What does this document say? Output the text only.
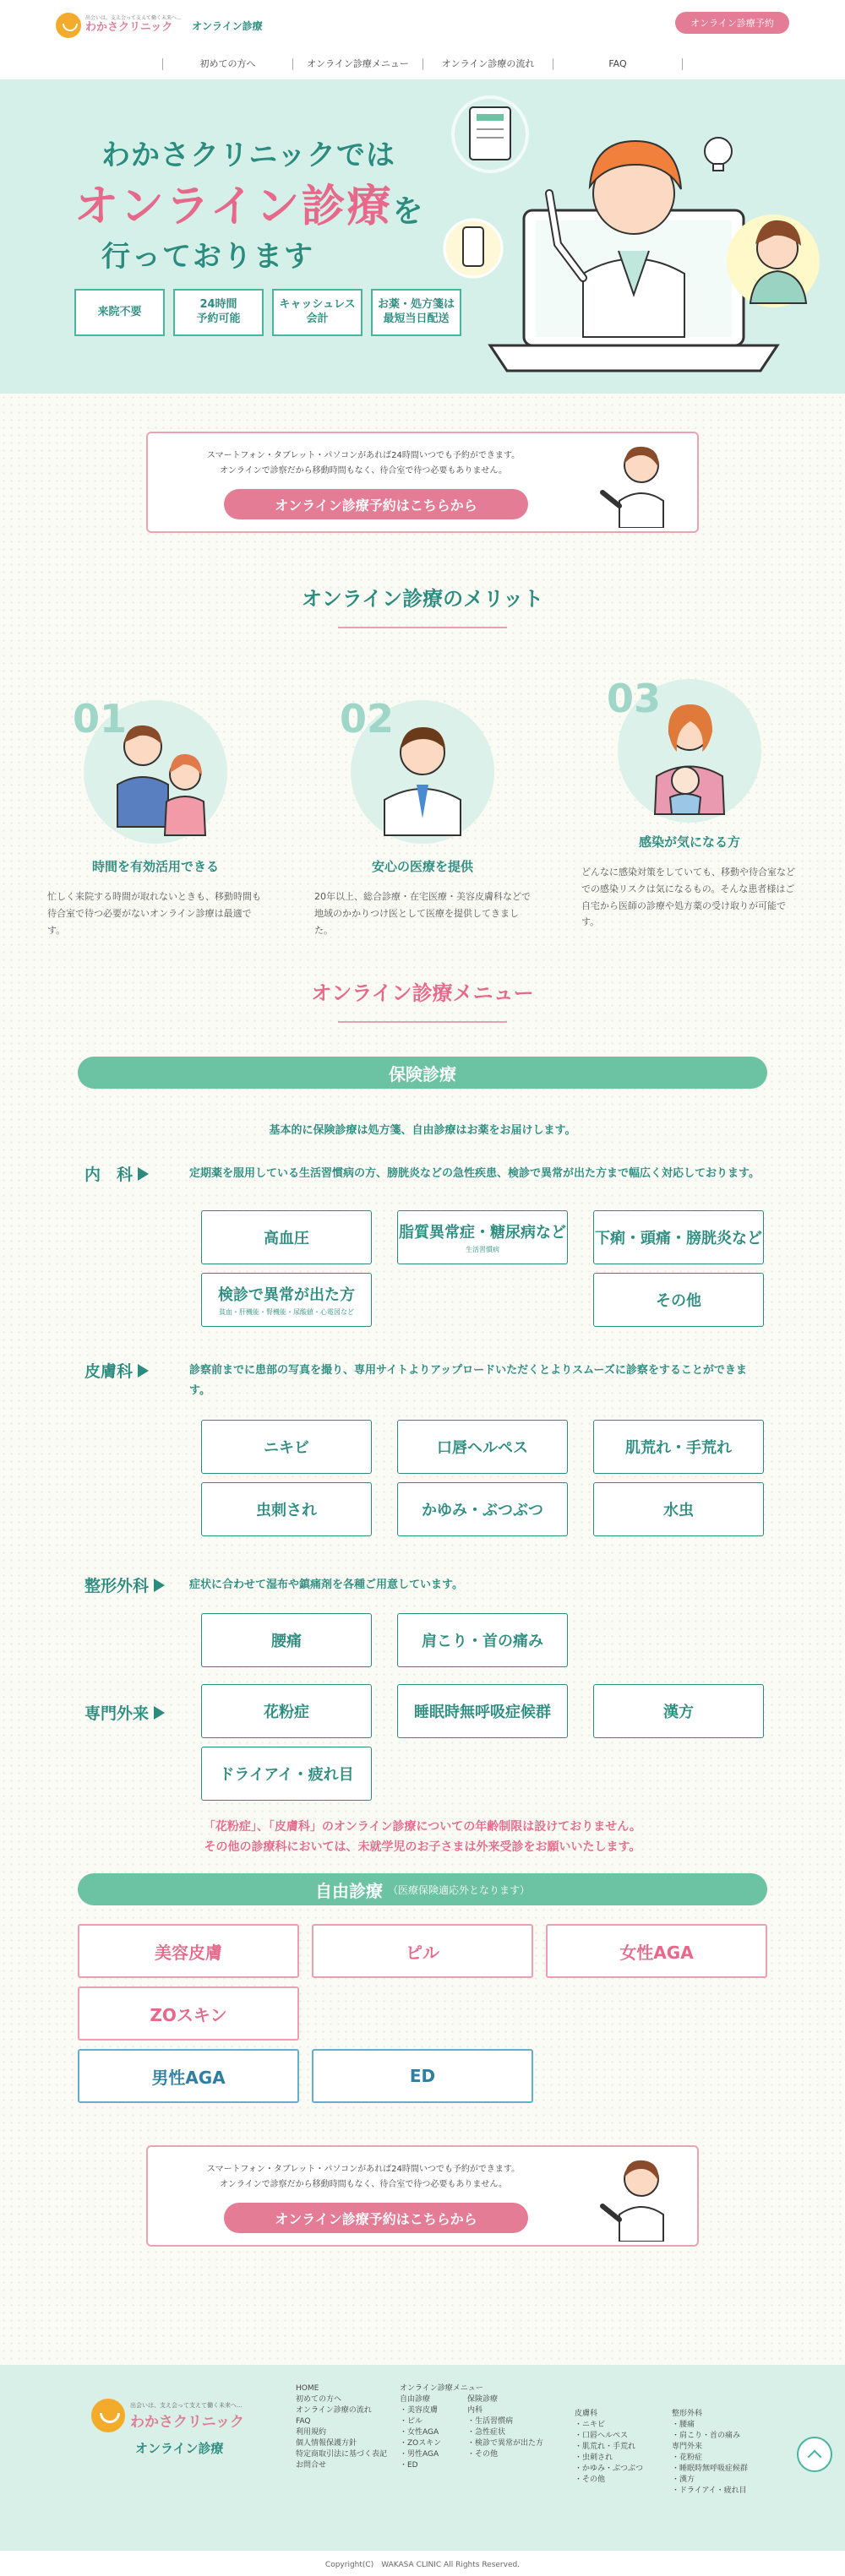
出会いは、支え会って支えて働く未来へ…
わかさクリニック	オンライン診療	オンライン診療予約
初めての方へ	オンライン診療メニュー	オンライン診療の流れ	FAQ
わかさクリニックでは
オンライン診療を
行っております
来院不要
24時間
予約可能
キャッシュレス
会計
お薬・処方箋は
最短当日配送

スマートフォン・タブレット・パソコンがあれば24時間いつでも予約ができます。

オンラインで診察だから移動時間もなく、待合室で待つ必要もありません。

オンライン診療予約はこちらから
オンライン診療のメリット
01
時間を有効活用できる

忙しく来院する時間が取れないときも、移動時間も待合室で待つ必要がないオンライン診療は最適です。

02
安心の医療を提供

20年以上、総合診療・在宅医療・美容皮膚科などで地域のかかりつけ医として医療を提供してきました。

03
感染が気になる方

どんなに感染対策をしていても、移動や待合室などでの感染リスクは気になるもの。そんな患者様はご自宅から医師の診療や処方薬の受け取りが可能です。

オンライン診療メニュー
保険診療

基本的に保険診療は処方箋、自由診療はお薬をお届けします。

内　科	定期薬を服用している生活習慣病の方、膀胱炎などの急性疾患、検診で異常が出た方まで幅広く対応しております。

高血圧	脂質異常症・糖尿病など
生活習慣病
下痢・頭痛・膀胱炎など
検診で異常が出た方
貧血・肝機能・腎機能・尿酸値・心電図など
その他
皮膚科	診察前までに患部の写真を撮り、専用サイトよりアップロードいただくとよりスムーズに診察をすることができます。

ニキビ	口唇ヘルペス	肌荒れ・手荒れ
虫刺され	かゆみ・ぶつぶつ	水虫
整形外科	症状に合わせて湿布や鎮痛剤を各種ご用意しています。

腰痛	肩こり・首の痛み
専門外来	花粉症	睡眠時無呼吸症候群	漢方
ドライアイ・疲れ目

「花粉症」、「皮膚科」のオンライン診療についての年齢制限は設けておりません。

その他の診療科においては、未就学児のお子さまは外来受診をお願いいたします。

自由診療 （医療保険適応外となります）
美容皮膚	ピル	女性AGA
ZOスキン
男性AGA	ED

スマートフォン・タブレット・パソコンがあれば24時間いつでも予約ができます。

オンラインで診察だから移動時間もなく、待合室で待つ必要もありません。

オンライン診療予約はこちらから
出会いは、支え会って支えて働く未来へ…
わかさクリニック
オンライン診療
HOME
初めての方へ
オンライン診療の流れ
FAQ
利用規約
個人情報保護方針
特定商取引法に基づく表記
お問合せ
オンライン診療メニュー
自由診療
・美容皮膚
・ピル
・女性AGA
・ZOスキン
・男性AGA
・ED
保険診療
内科
・生活習慣病
・急性症状
・検診で異常が出た方
・その他
皮膚科
・ニキビ
・口唇ヘルペス
・肌荒れ・手荒れ
・虫刺され
・かゆみ・ぶつぶつ
・その他
整形外科
・腰痛
・肩こり・首の痛み
専門外来
・花粉症
・睡眠時無呼吸症候群
・漢方
・ドライアイ・疲れ目
Copyright(C)　WAKASA CLINIC All Rights Reserved.
